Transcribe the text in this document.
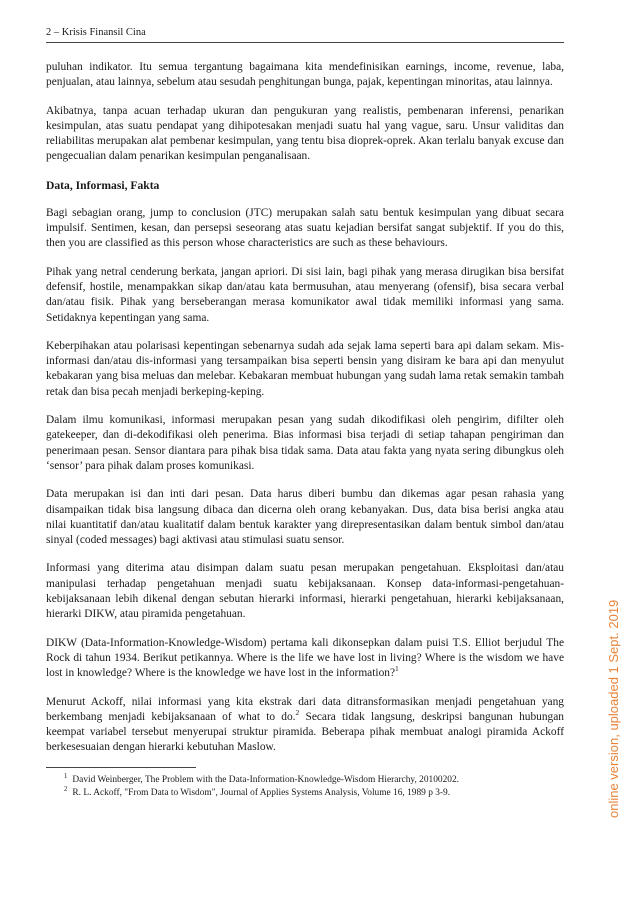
2 – Krisis Finansil Cina

puluhan indikator. Itu semua tergantung bagaimana kita mendefinisikan earnings, income, revenue, laba, penjualan, atau lainnya, sebelum atau sesudah penghitungan bunga, pajak, kepentingan minoritas, atau lainnya.

Akibatnya, tanpa acuan terhadap ukuran dan pengukuran yang realistis, pembenaran inferensi, penarikan kesimpulan, atas suatu pendapat yang dihipotesakan menjadi suatu hal yang vague, saru. Unsur validitas dan reliabilitas merupakan alat pembenar kesimpulan, yang tentu bisa dioprek-oprek. Akan terlalu banyak excuse dan pengecualian dalam penarikan kesimpulan penganalisaan.

Data, Informasi, Fakta

Bagi sebagian orang, jump to conclusion (JTC) merupakan salah satu bentuk kesimpulan yang dibuat secara impulsif. Sentimen, kesan, dan persepsi seseorang atas suatu kejadian bersifat sangat subjektif. If you do this, then you are classified as this person whose characteristics are such as these behaviours.

Pihak yang netral cenderung berkata, jangan apriori. Di sisi lain, bagi pihak yang merasa dirugikan bisa bersifat defensif, hostile, menampakkan sikap dan/atau kata bermusuhan, atau menyerang (ofensif), bisa secara verbal dan/atau fisik. Pihak yang berseberangan merasa komunikator awal tidak memiliki informasi yang sama. Setidaknya kepentingan yang sama.

Keberpihakan atau polarisasi kepentingan sebenarnya sudah ada sejak lama seperti bara api dalam sekam. Mis-informasi dan/atau dis-informasi yang tersampaikan bisa seperti bensin yang disiram ke bara api dan menyulut kebakaran yang bisa meluas dan melebar. Kebakaran membuat hubungan yang sudah lama retak semakin tambah retak dan bisa pecah menjadi berkeping-keping.

Dalam ilmu komunikasi, informasi merupakan pesan yang sudah dikodifikasi oleh pengirim, difilter oleh gatekeeper, dan di-dekodifikasi oleh penerima. Bias informasi bisa terjadi di setiap tahapan pengiriman dan penerimaan pesan. Sensor diantara para pihak bisa tidak sama. Data atau fakta yang nyata sering dibungkus oleh ‘sensor’ para pihak dalam proses komunikasi.

Data merupakan isi dan inti dari pesan. Data harus diberi bumbu dan dikemas agar pesan rahasia yang disampaikan tidak bisa langsung dibaca dan dicerna oleh orang kebanyakan. Dus, data bisa berisi angka atau nilai kuantitatif dan/atau kualitatif dalam bentuk karakter yang direpresentasikan dalam bentuk simbol dan/atau sinyal (coded messages) bagi aktivasi atau stimulasi suatu sensor.

Informasi yang diterima atau disimpan dalam suatu pesan merupakan pengetahuan. Eksploitasi dan/atau manipulasi terhadap pengetahuan menjadi suatu kebijaksanaan. Konsep data-informasi-pengetahuan-kebijaksanaan lebih dikenal dengan sebutan hierarki informasi, hierarki pengetahuan, hierarki kebijaksanaan, hierarki DIKW, atau piramida pengetahuan.

DIKW (Data-Information-Knowledge-Wisdom) pertama kali dikonsepkan dalam puisi T.S. Elliot berjudul The Rock di tahun 1934. Berikut petikannya. Where is the life we have lost in living? Where is the wisdom we have lost in knowledge? Where is the knowledge we have lost in the information?$^1$

Menurut Ackoff, nilai informasi yang kita ekstrak dari data ditransformasikan menjadi pengetahuan yang berkembang menjadi kebijaksanaan of what to do.$^2$ Secara tidak langsung, deskripsi bangunan hubungan keempat variabel tersebut menyerupai struktur piramida. Beberapa pihak membuat analogi piramida Ackoff berkesesuaian dengan hierarki kebutuhan Maslow.

$^1$ David Weinberger, The Problem with the Data-Information-Knowledge-Wisdom Hierarchy, 20100202.

$^2$ R. L. Ackoff, "From Data to Wisdom", Journal of Applies Systems Analysis, Volume 16, 1989 p 3-9.	online version, uploaded 1 Sept. 2019
